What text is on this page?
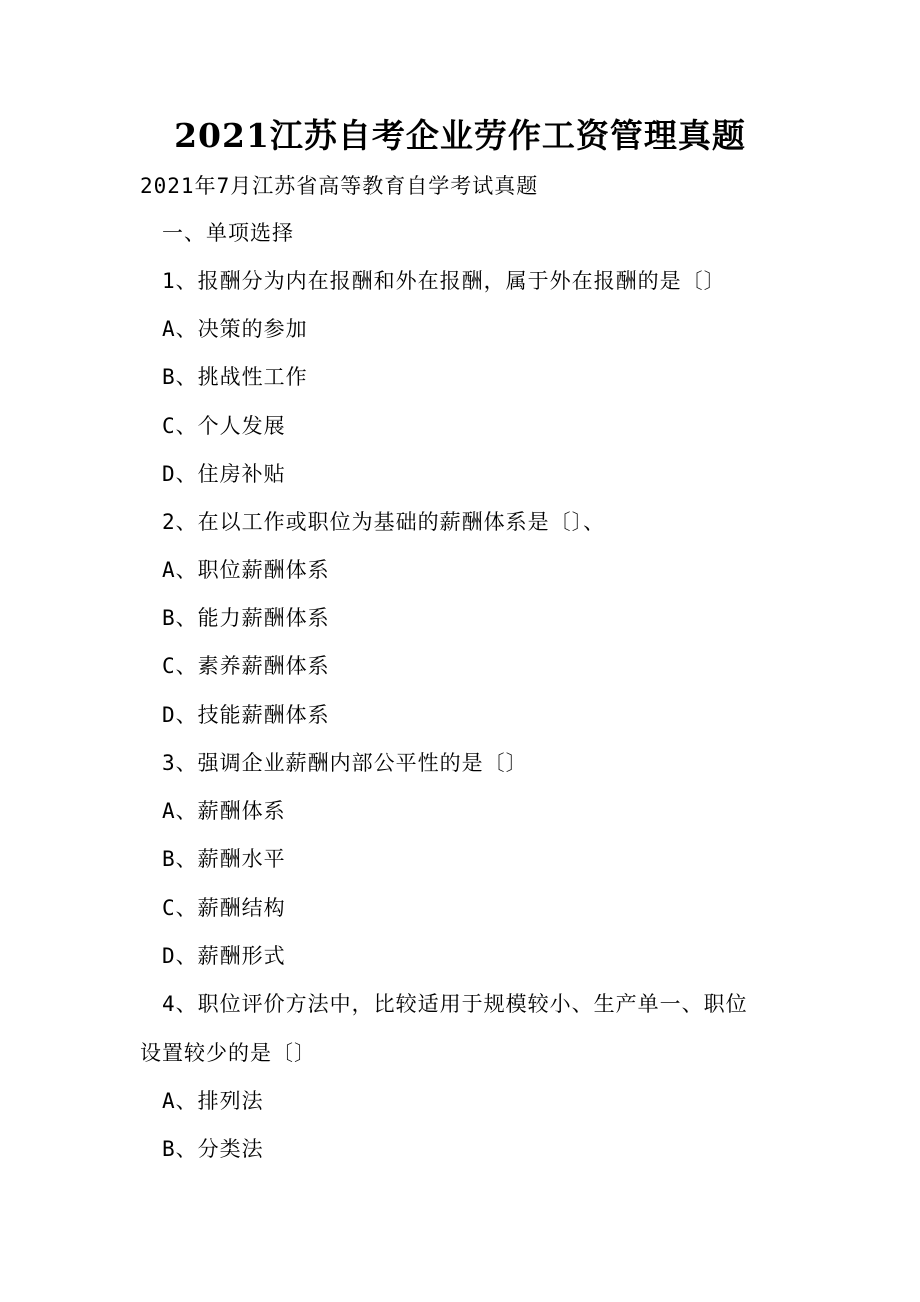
2021江苏自考企业劳作工资管理真题
2021年7月江苏省高等教育自学考试真题
一、单项选择
1、报酬分为内在报酬和外在报酬，属于外在报酬的是〔〕
A、决策的参加
B、挑战性工作
C、个人发展
D、住房补贴
2、在以工作或职位为基础的薪酬体系是〔〕、
A、职位薪酬体系
B、能力薪酬体系
C、素养薪酬体系
D、技能薪酬体系
3、强调企业薪酬内部公平性的是〔〕
A、薪酬体系
B、薪酬水平
C、薪酬结构
D、薪酬形式
4、职位评价方法中，比较适用于规模较小、生产单一、职位
设置较少的是〔〕
A、排列法
B、分类法
